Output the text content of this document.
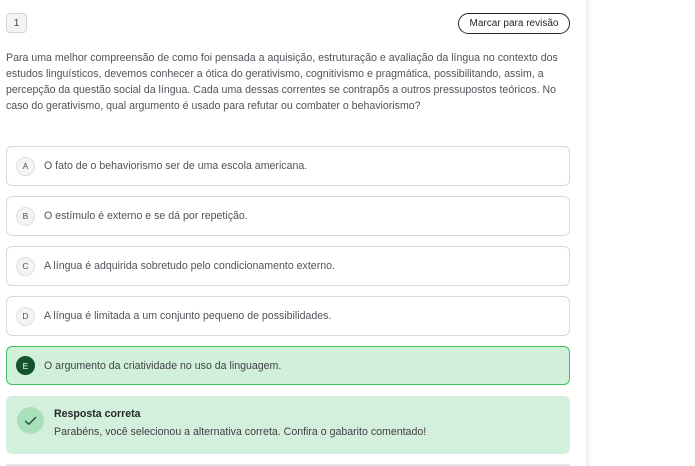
1	Marcar para revisão

Para uma melhor compreensão de como foi pensada a aquisição, estruturação e avaliação da língua no contexto dos estudos linguísticos, devemos conhecer a ótica do gerativismo, cognitivismo e pragmática, possibilitando, assim, a percepção da questão social da língua. Cada uma dessas correntes se contrapõs a outros pressupostos teóricos. No caso do gerativismo, qual argumento é usado para refutar ou combater o behaviorismo?

A	O fato de o behaviorismo ser de uma escola americana.
B	O estímulo é externo e se dá por repetição.
C	A língua é adquirida sobretudo pelo condicionamento externo.
D	A língua é limitada a um conjunto pequeno de possibilidades.
E	O argumento da criatividade no uso da linguagem.
Resposta correta
Parabéns, você selecionou a alternativa correta. Confira o gabarito comentado!
